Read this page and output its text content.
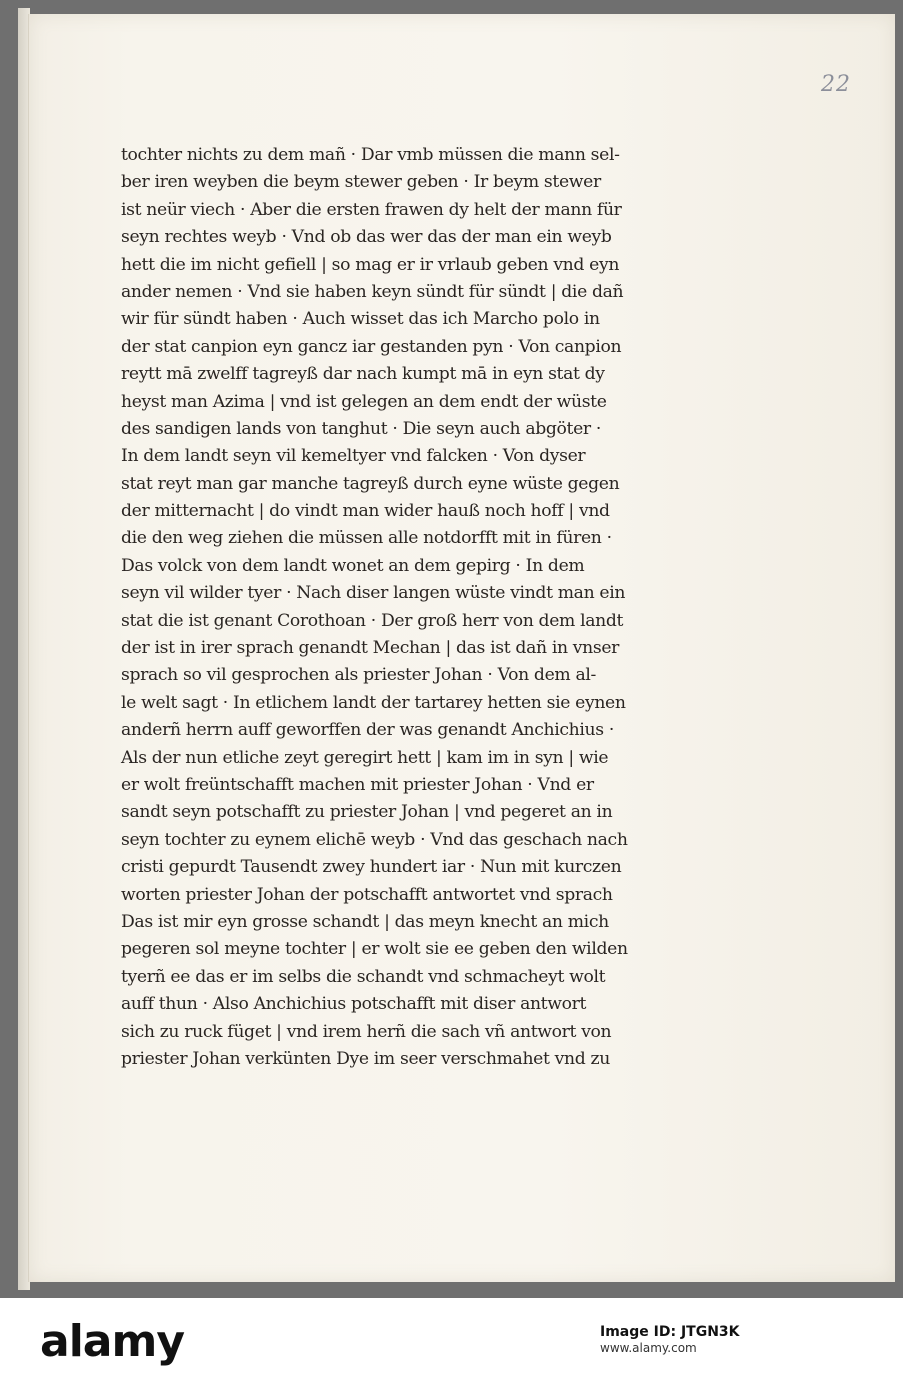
22
tochter nichts zu dem mañ · Dar vmb müssen die mann sel-
ber iren weyben die beym stewer geben · Ir beym stewer
ist neür viech · Aber die ersten frawen dy helt der mann für
seyn rechtes weyb · Vnd ob das wer das der man ein weyb
hett die im nicht gefiell | so mag er ir vrlaub geben vnd eyn
ander nemen · Vnd sie haben keyn sündt für sündt | die dañ
wir für sündt haben · Auch wisset das ich Marcho polo in
der stat canpion eyn gancz iar gestanden pyn · Von canpion
reytt mā zwelff tagreyß dar nach kumpt mā in eyn stat dy
heyst man Azima | vnd ist gelegen an dem endt der wüste
des sandigen lands von tanghut · Die seyn auch abgöter ·
In dem landt seyn vil kemeltyer vnd falcken · Von dyser
stat reyt man gar manche tagreyß durch eyne wüste gegen
der mitternacht | do vindt man wider hauß noch hoff | vnd
die den weg ziehen die müssen alle notdorfft mit in füren ·
Das volck von dem landt wonet an dem gepirg · In dem
seyn vil wilder tyer · Nach diser langen wüste vindt man ein
stat die ist genant Corothoan · Der groß herr von dem landt
der ist in irer sprach genandt Mechan | das ist dañ in vnser
sprach so vil gesprochen als priester Johan · Von dem al-
le welt sagt · In etlichem landt der tartarey hetten sie eynen
anderñ herrn auff geworffen der was genandt Anchichius ·
Als der nun etliche zeyt geregirt hett | kam im in syn | wie
er wolt freüntschafft machen mit priester Johan · Vnd er
sandt seyn potschafft zu priester Johan | vnd pegeret an in
seyn tochter zu eynem elichē weyb · Vnd das geschach nach
cristi gepurdt Tausendt zwey hundert iar · Nun mit kurczen
worten priester Johan der potschafft antwortet vnd sprach
Das ist mir eyn grosse schandt | das meyn knecht an mich
pegeren sol meyne tochter | er wolt sie ee geben den wilden
tyerñ ee das er im selbs die schandt vnd schmacheyt wolt
auff thun · Also Anchichius potschafft mit diser antwort
sich zu ruck füget | vnd irem herñ die sach vñ antwort von
priester Johan verkünten Dye im seer verschmahet vnd zu
alamy	Image ID: JTGN3K
www.alamy.com
